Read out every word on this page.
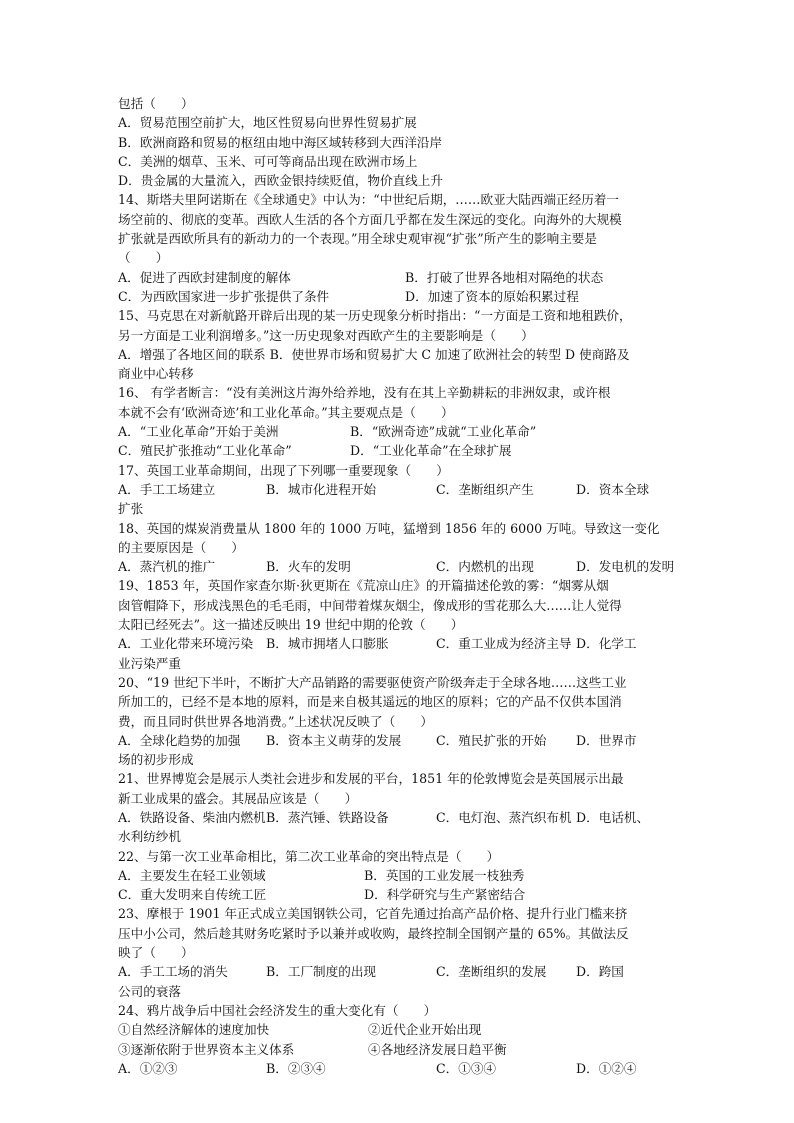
包括（　　）
A．贸易范围空前扩大，地区性贸易向世界性贸易扩展
B．欧洲商路和贸易的枢纽由地中海区域转移到大西洋沿岸
C．美洲的烟草、玉米、可可等商品出现在欧洲市场上
D．贵金属的大量流入，西欧金银持续贬值，物价直线上升
14、斯塔夫里阿诺斯在《全球通史》中认为：“中世纪后期，……欧亚大陆西端正经历着一
场空前的、彻底的变革。西欧人生活的各个方面几乎都在发生深远的变化。向海外的大规模
扩张就是西欧所具有的新动力的一个表现。”用全球史观审视“扩张”所产生的影响主要是
（　　）
A．促进了西欧封建制度的解体	B．打破了世界各地相对隔绝的状态
C．为西欧国家进一步扩张提供了条件	D．加速了资本的原始积累过程
15、马克思在对新航路开辟后出现的某一历史现象分析时指出：“一方面是工资和地租跌价，
另一方面是工业利润增多。”这一历史现象对西欧产生的主要影响是（　　）
A．增强了各地区间的联系 B．使世界市场和贸易扩大 C 加速了欧洲社会的转型 D 使商路及
商业中心转移
16、 有学者断言：“没有美洲这片海外给养地，没有在其上辛勤耕耘的非洲奴隶，或许根
本就不会有‘欧洲奇迹’和工业化革命。”其主要观点是（　　）
A．“工业化革命”开始于美洲	B．“欧洲奇迹”成就“工业化革命”
C．殖民扩张推动“工业化革命”	D．“工业化革命”在全球扩展
17、英国工业革命期间，出现了下列哪一重要现象（　　）
A．手工工场建立	B．城市化进程开始	C．垄断组织产生	D．资本全球
扩张
18、英国的煤炭消费量从 1800 年的 1000 万吨，猛增到 1856 年的 6000 万吨。导致这一变化
的主要原因是（　　）
A．蒸汽机的推广	B．火车的发明	C．内燃机的出现	D．发电机的发明
19、1853 年，英国作家查尔斯·狄更斯在《荒凉山庄》的开篇描述伦敦的雾：“烟雾从烟
囱管帽降下，形成浅黑色的毛毛雨，中间带着煤灰烟尘，像成形的雪花那么大……让人觉得
太阳已经死去”。这一描述反映出 19 世纪中期的伦敦（　　）
A．工业化带来环境污染	B．城市拥堵人口膨胀	C．重工业成为经济主导 D．化学工
业污染严重
20、“19 世纪下半叶，不断扩大产品销路的需要驱使资产阶级奔走于全球各地……这些工业
所加工的，已经不是本地的原料，而是来自极其遥远的地区的原料；它的产品不仅供本国消
费，而且同时供世界各地消费。”上述状况反映了（　　）
A．全球化趋势的加强	B．资本主义萌芽的发展	C．殖民扩张的开始	D．世界市
场的初步形成
21、世界博览会是展示人类社会进步和发展的平台，1851 年的伦敦博览会是英国展示出最
新工业成果的盛会。其展品应该是（　　）
A．铁路设备、柴油内燃机 B．蒸汽锤、铁路设备	C．电灯泡、蒸汽织布机 D．电话机、
水利纺纱机
22、与第一次工业革命相比，第二次工业革命的突出特点是（　　）
A．主要发生在轻工业领域	B．英国的工业发展一枝独秀
C．重大发明来自传统工匠	D．科学研究与生产紧密结合
23、摩根于 1901 年正式成立美国钢铁公司，它首先通过抬高产品价格、提升行业门槛来挤
压中小公司，然后趁其财务吃紧时予以兼并或收购，最终控制全国钢产量的 65%。其做法反
映了（　　）
A．手工工场的消失	B．工厂制度的出现	C．垄断组织的发展	D．跨国
公司的衰落
24、鸦片战争后中国社会经济发生的重大变化有（　　）
①自然经济解体的速度加快	②近代企业开始出现
③逐渐依附于世界资本主义体系	④各地经济发展日趋平衡
A．①②③	B．②③④	C．①③④	D．①②④
